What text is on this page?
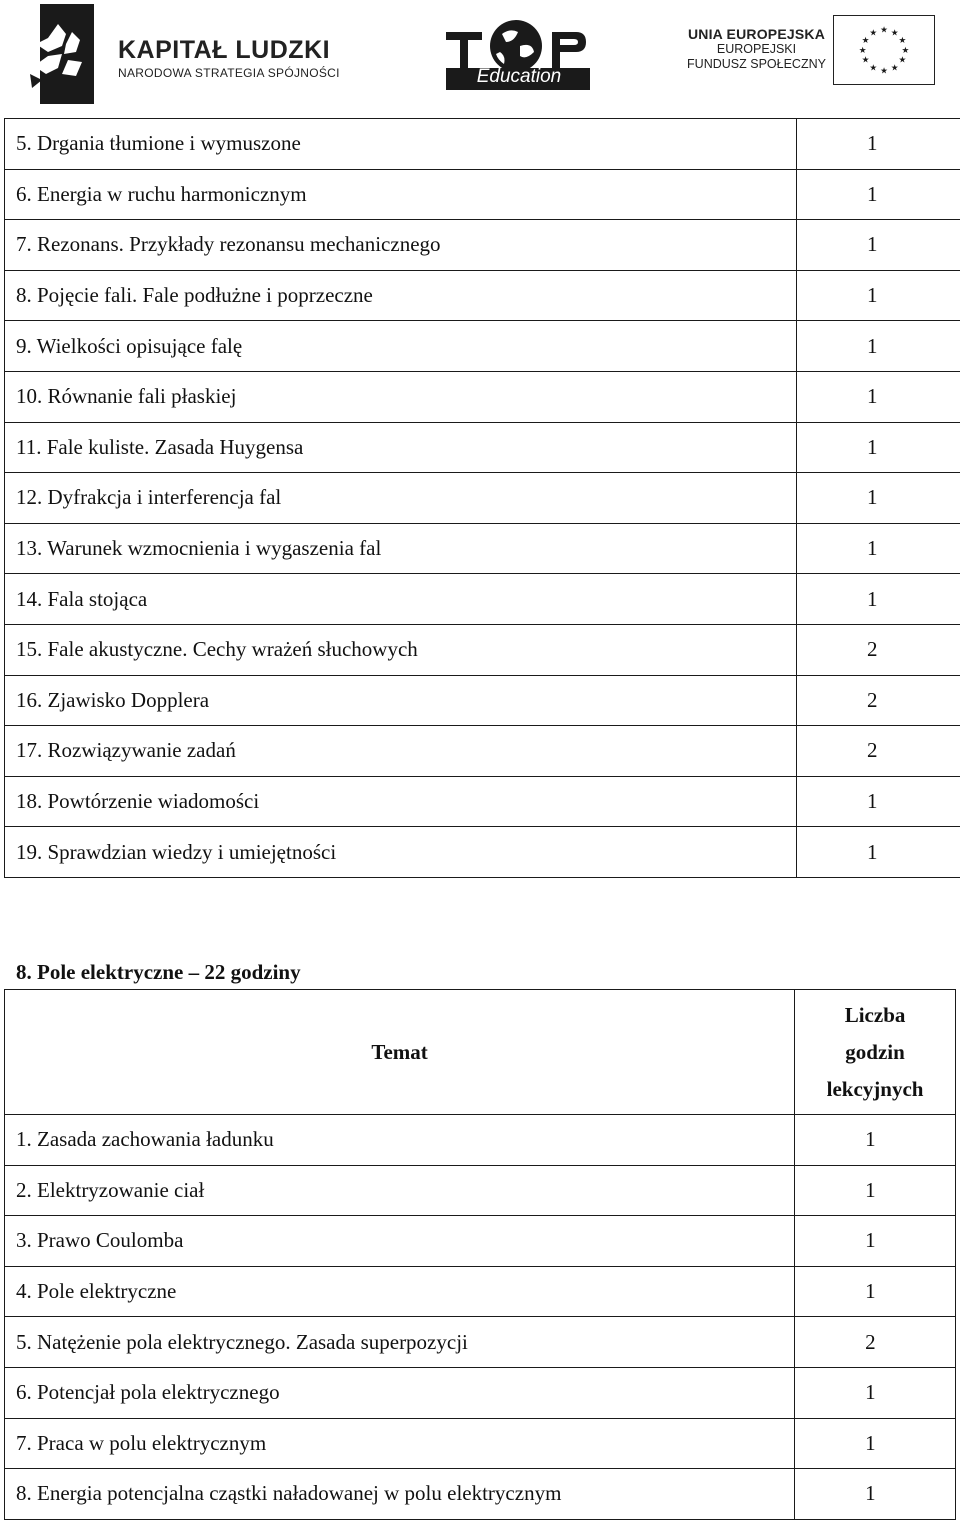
KAPITAŁ LUDZKI
NARODOWA STRATEGIA SPÓJNOŚCI	Education
UNIA EUROPEJSKA
EUROPEJSKI
FUNDUSZ SPOŁECZNY
★ ★
★
★
★
★
★
★
★
★
★
★
5. Drgania tłumione i wymuszone	1
6. Energia w ruchu harmonicznym	1
7. Rezonans. Przykłady rezonansu mechanicznego	1
8. Pojęcie fali. Fale podłużne i poprzeczne	1
9. Wielkości opisujące falę	1
10. Równanie fali płaskiej	1
11. Fale kuliste. Zasada Huygensa	1
12. Dyfrakcja i interferencja fal	1
13. Warunek wzmocnienia i wygaszenia fal	1
14. Fala stojąca	1
15. Fale akustyczne. Cechy wrażeń słuchowych	2
16. Zjawisko Dopplera	2
17. Rozwiązywanie zadań	2
18. Powtórzenie wiadomości	1
19. Sprawdzian wiedzy i umiejętności	1
8. Pole elektryczne – 22 godziny
Temat	Liczba
godzin
lekcyjnych

1. Zasada zachowania ładunku	1
2. Elektryzowanie ciał	1
3. Prawo Coulomba	1
4. Pole elektryczne	1
5. Natężenie pola elektrycznego. Zasada superpozycji	2
6. Potencjał pola elektrycznego	1
7. Praca w polu elektrycznym	1
8. Energia potencjalna cząstki naładowanej w polu elektrycznym	1
